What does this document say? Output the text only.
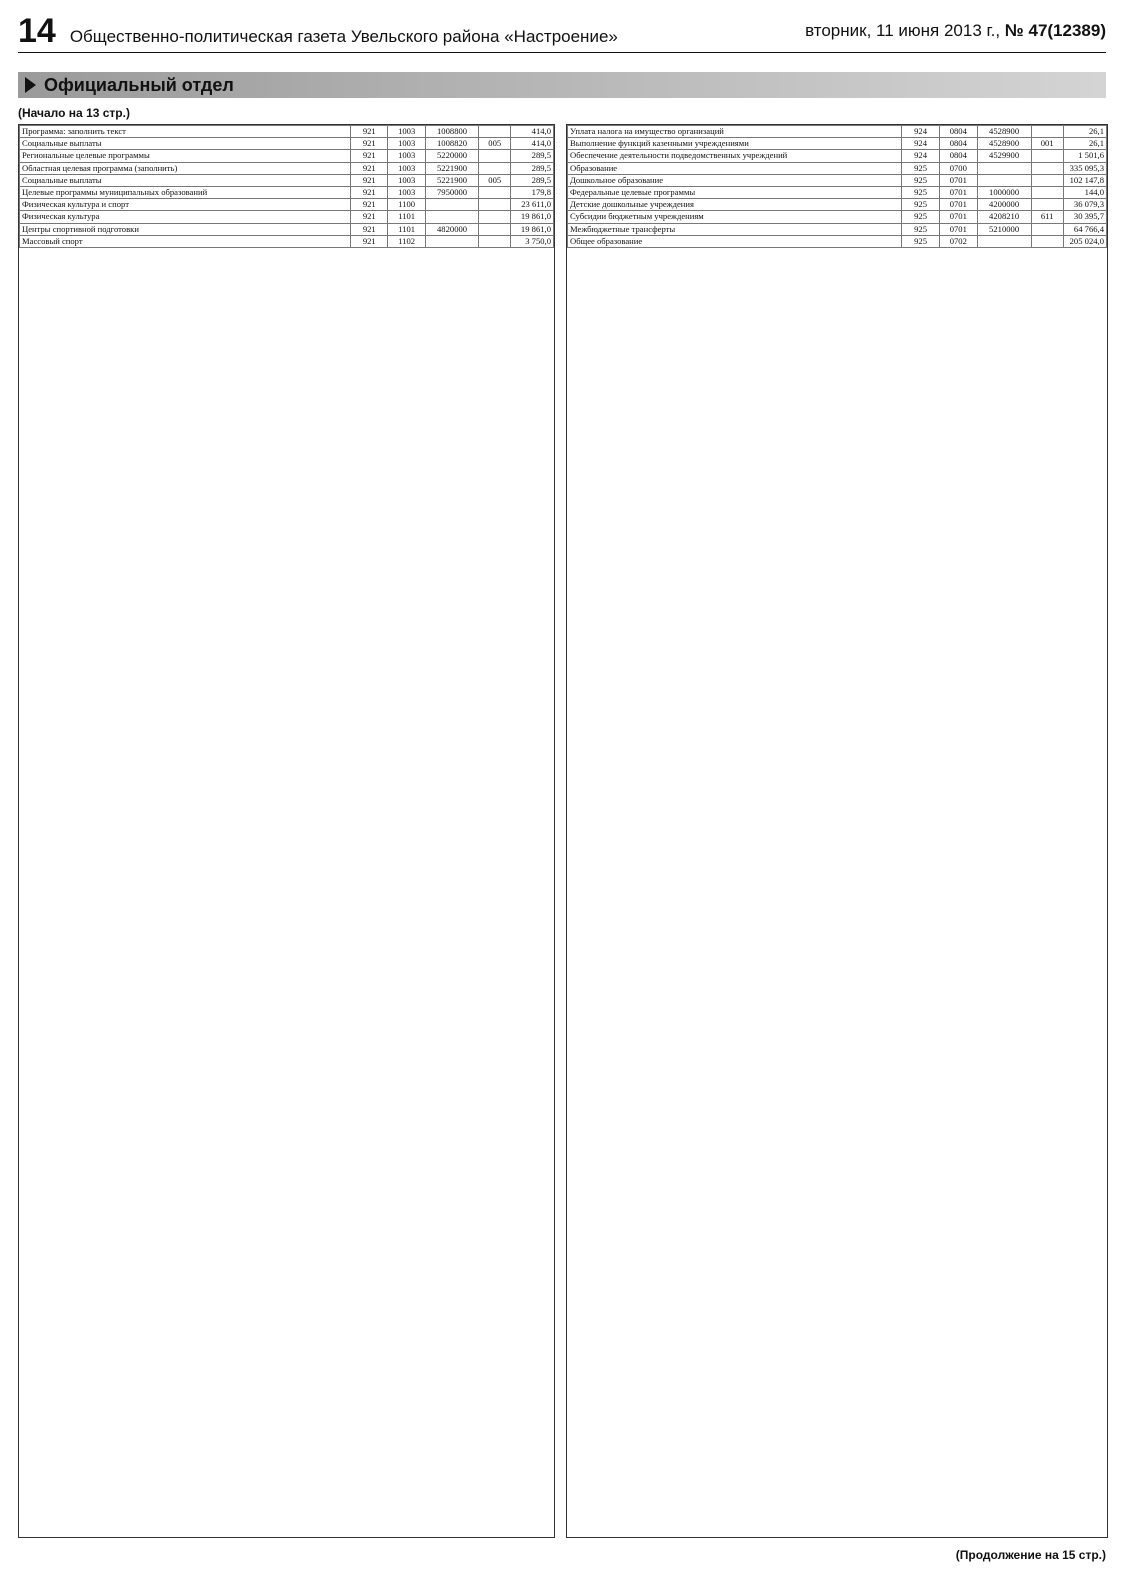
14 Общественно-политическая газета Увельского района «Настроение»	вторник, 11 июня 2013 г., № 47(12389)
Официальный отдел
(Начало на 13 стр.)
Программа: заполнить текст	921	1003	1008800		414,0
Социальные выплаты	921	1003	1008820	005	414,0
Региональные целевые программы	921	1003	5220000		289,5
Областная целевая программа (заполнить)	921	1003	5221900		289,5
Социальные выплаты	921	1003	5221900	005	289,5
Целевые программы муниципальных образований	921	1003	7950000		179,8
Физическая культура и спорт	921	1100			23 611,0
Физическая культура	921	1101			19 861,0
Центры спортивной подготовки	921	1101	4820000		19 861,0
Массовый спорт	921	1102			3 750,0
Уплата налога на имущество организаций	924	0804	4528900		26,1
Выполнение функций казенными учреждениями	924	0804	4528900	001	26,1
Обеспечение деятельности подведомственных учреждений	924	0804	4529900		1 501,6
Образование	925	0700			335 095,3
Дошкольное образование	925	0701			102 147,8
Федеральные целевые программы	925	0701	1000000		144,0
Детские дошкольные учреждения	925	0701	4200000		36 079,3
Субсидии бюджетным учреждениям	925	0701	4208210	611	30 395,7
Межбюджетные трансферты	925	0701	5210000		64 766,4
Общее образование	925	0702			205 024,0
(Продолжение на 15 стр.)
